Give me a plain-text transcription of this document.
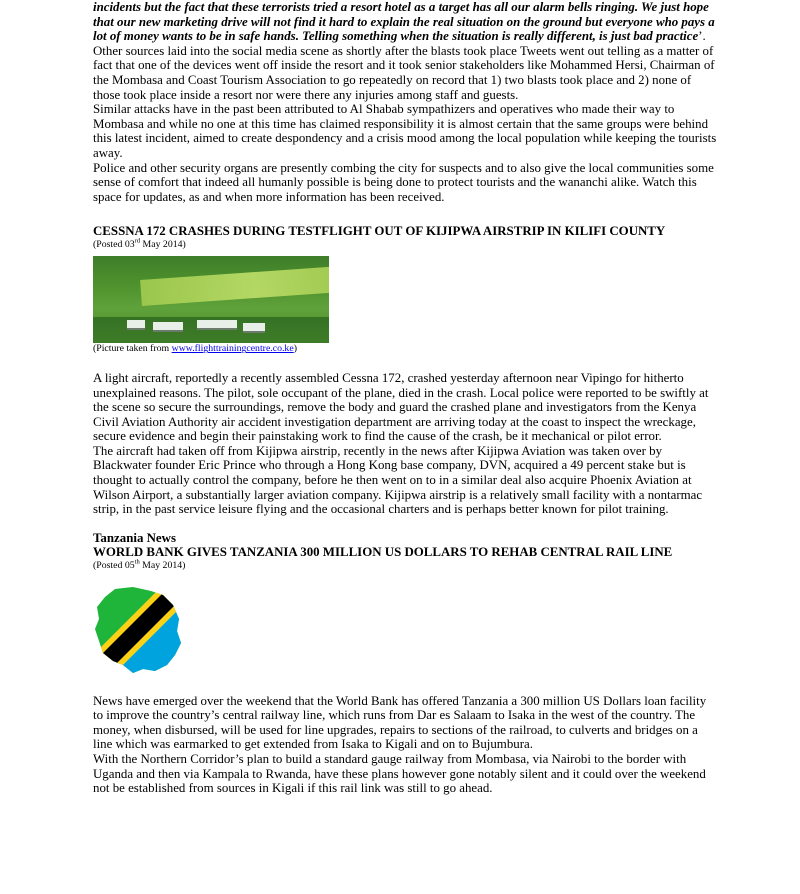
incidents but the fact that these terrorists tried a resort hotel as a target has all our alarm bells ringing. We just hope that our new marketing drive will not find it hard to explain the real situation on the ground but everyone who pays a lot of money wants to be in safe hands. Telling something when the situation is really different, is just bad practice’.

Other sources laid into the social media scene as shortly after the blasts took place Tweets went out telling as a matter of fact that one of the devices went off inside the resort and it took senior stakeholders like Mohammed Hersi, Chairman of the Mombasa and Coast Tourism Association to go repeatedly on record that 1) two blasts took place and 2) none of those took place inside a resort nor were there any injuries among staff and guests.

Similar attacks have in the past been attributed to Al Shabab sympathizers and operatives who made their way to Mombasa and while no one at this time has claimed responsibility it is almost certain that the same groups were behind this latest incident, aimed to create despondency and a crisis mood among the local population while keeping the tourists away.

Police and other security organs are presently combing the city for suspects and to also give the local communities some sense of comfort that indeed all humanly possible is being done to protect tourists and the wananchi alike. Watch this space for updates, as and when more information has been received.

CESSNA 172 CRASHES DURING TESTFLIGHT OUT OF KIJIPWA AIRSTRIP IN KILIFI COUNTY

(Posted 03rd May 2014)

(Picture taken from www.flighttrainingcentre.co.ke)

A light aircraft, reportedly a recently assembled Cessna 172, crashed yesterday afternoon near Vipingo for hitherto unexplained reasons. The pilot, sole occupant of the plane, died in the crash. Local police were reported to be swiftly at the scene so secure the surroundings, remove the body and guard the crashed plane and investigators from the Kenya Civil Aviation Authority air accident investigation department are arriving today at the coast to inspect the wreckage, secure evidence and begin their painstaking work to find the cause of the crash, be it mechanical or pilot error.

The aircraft had taken off from Kijipwa airstrip, recently in the news after Kijipwa Aviation was taken over by Blackwater founder Eric Prince who through a Hong Kong base company, DVN, acquired a 49 percent stake but is thought to actually control the company, before he then went on to in a similar deal also acquire Phoenix Aviation at Wilson Airport, a substantially larger aviation company. Kijipwa airstrip is a relatively small facility with a nontarmac strip, in the past service leisure flying and the occasional charters and is perhaps better known for pilot training.

Tanzania News

WORLD BANK GIVES TANZANIA 300 MILLION US DOLLARS TO REHAB CENTRAL RAIL LINE

(Posted 05th May 2014)

News have emerged over the weekend that the World Bank has offered Tanzania a 300 million US Dollars loan facility to improve the country’s central railway line, which runs from Dar es Salaam to Isaka in the west of the country. The money, when disbursed, will be used for line upgrades, repairs to sections of the railroad, to culverts and bridges on a line which was earmarked to get extended from Isaka to Kigali and on to Bujumbura.

With the Northern Corridor’s plan to build a standard gauge railway from Mombasa, via Nairobi to the border with Uganda and then via Kampala to Rwanda, have these plans however gone notably silent and it could over the weekend not be established from sources in Kigali if this rail link was still to go ahead.
